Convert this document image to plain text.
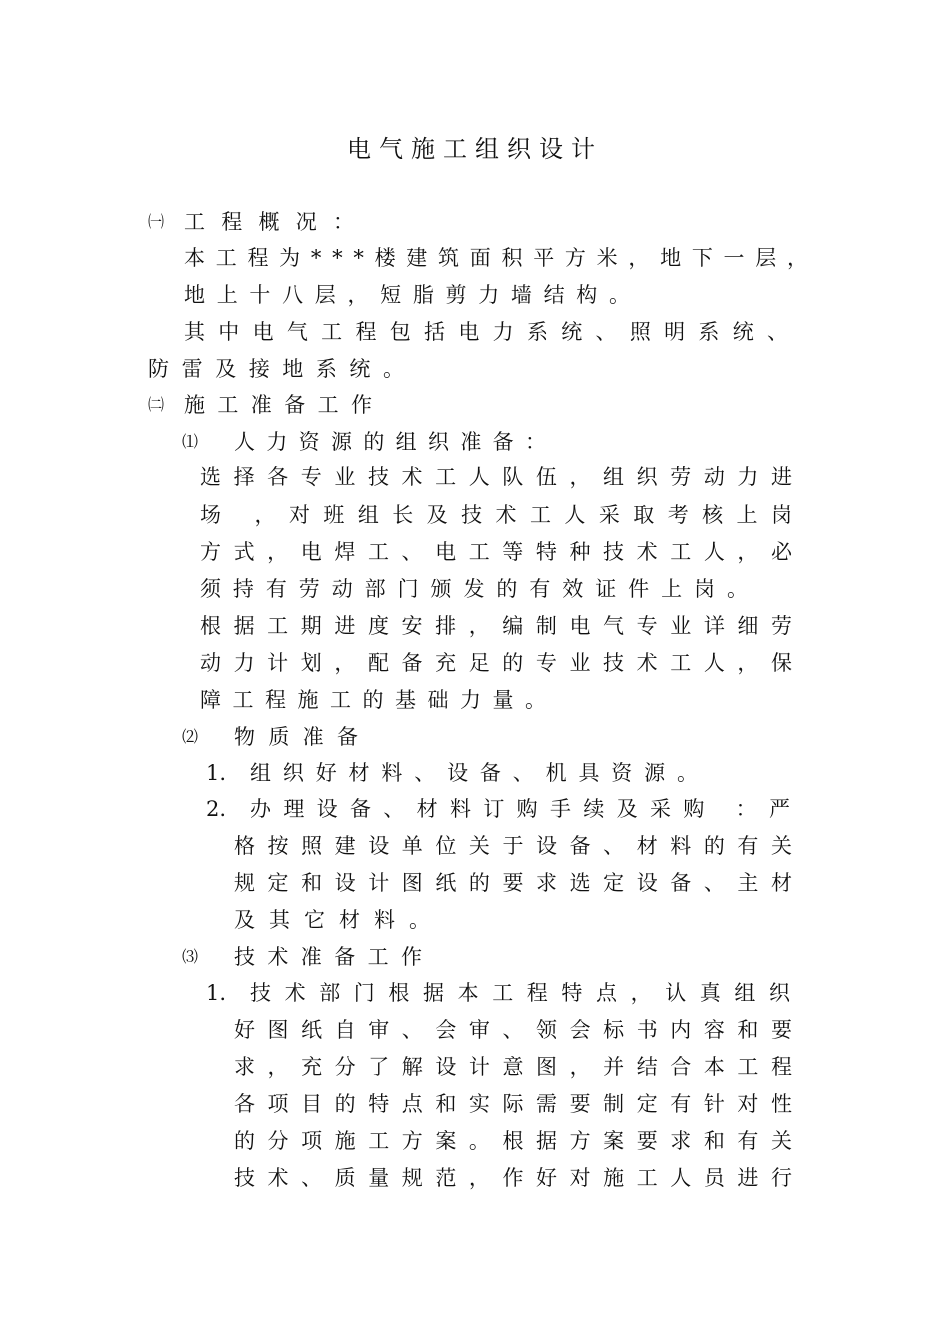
电气施工组织设计
㈠ 工程概况：
本工程为***楼建筑面积平方米，地下一层，
地上十八层，短脂剪力墙结构。
其中电气工程包括电力系统、照明系统、
防雷及接地系统。
㈡ 施工准备工作
⑴ 人力资源的组织准备：
选择各专业技术工人队伍，组织劳动力进
场 ，对班组长及技术工人采取考核上岗
方式，电焊工、电工等特种技术工人，必
须持有劳动部门颁发的有效证件上岗。
根据工期进度安排，编制电气专业详细劳
动力计划，配备充足的专业技术工人，保
障工程施工的基础力量。
⑵ 物质准备
1. 组织好材料、设备、机具资源。
2. 办理设备、材料订购手续及采购 ：严
格按照建设单位关于设备、材料的有关
规定和设计图纸的要求选定设备、主材
及其它材料。
⑶ 技术准备工作
1. 技术部门根据本工程特点，认真组织
好图纸自审、会审、领会标书内容和要
求，充分了解设计意图，并结合本工程
各项目的特点和实际需要制定有针对性
的分项施工方案。根据方案要求和有关
技术、质量规范，作好对施工人员进行
